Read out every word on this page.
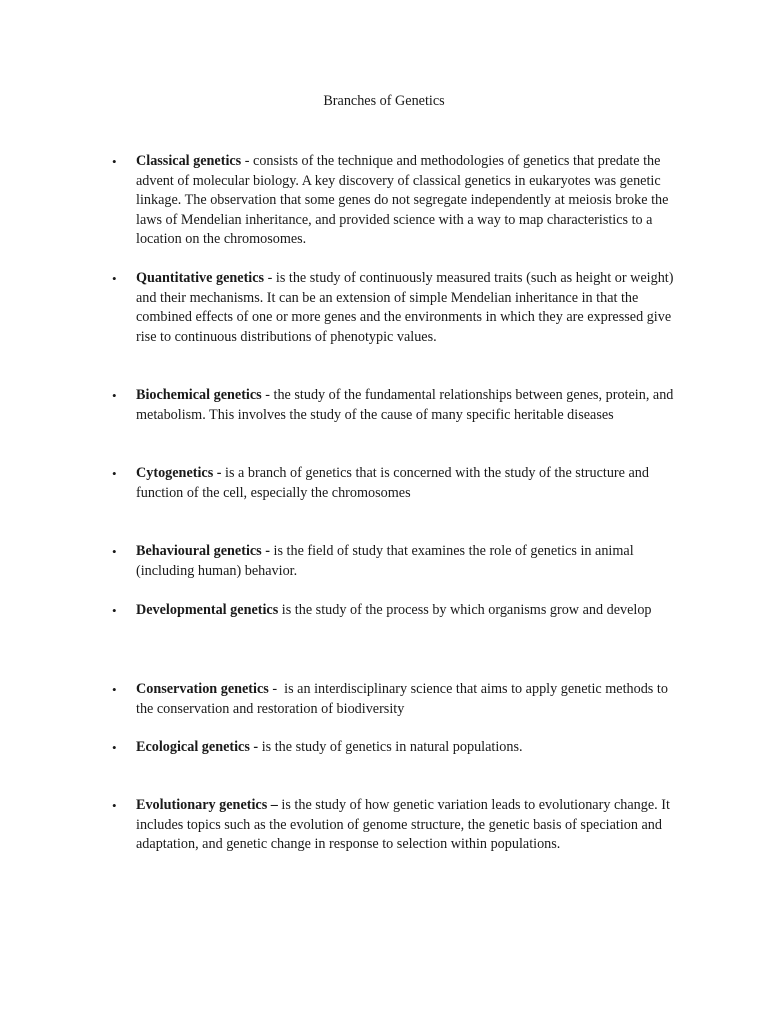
Branches of Genetics
• Classical genetics - consists of the technique and methodologies of genetics that predate the advent of molecular biology. A key discovery of classical genetics in eukaryotes was genetic linkage. The observation that some genes do not segregate independently at meiosis broke the laws of Mendelian inheritance, and provided science with a way to map characteristics to a location on the chromosomes.
• Quantitative genetics - is the study of continuously measured traits (such as height or weight) and their mechanisms. It can be an extension of simple Mendelian inheritance in that the combined effects of one or more genes and the environments in which they are expressed give rise to continuous distributions of phenotypic values.
• Biochemical genetics - the study of the fundamental relationships between genes, protein, and metabolism. This involves the study of the cause of many specific heritable diseases
• Cytogenetics - is a branch of genetics that is concerned with the study of the structure and function of the cell, especially the chromosomes
• Behavioural genetics - is the field of study that examines the role of genetics in animal (including human) behavior.
• Developmental genetics is the study of the process by which organisms grow and develop
• Conservation genetics -  is an interdisciplinary science that aims to apply genetic methods to the conservation and restoration of biodiversity
• Ecological genetics - is the study of genetics in natural populations.
• Evolutionary genetics – is the study of how genetic variation leads to evolutionary change. It includes topics such as the evolution of genome structure, the genetic basis of speciation and adaptation, and genetic change in response to selection within populations.
